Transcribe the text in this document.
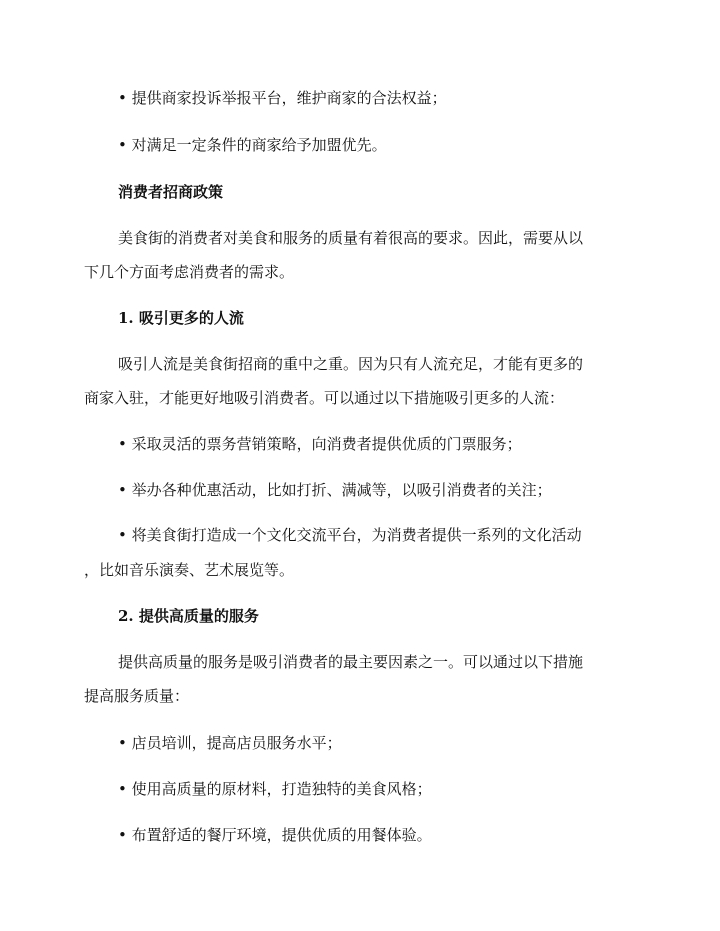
• 提供商家投诉举报平台，维护商家的合法权益；
• 对满足一定条件的商家给予加盟优先。
消费者招商政策
美食街的消费者对美食和服务的质量有着很高的要求。因此，需要从以
下几个方面考虑消费者的需求。
1. 吸引更多的人流
吸引人流是美食街招商的重中之重。因为只有人流充足，才能有更多的
商家入驻，才能更好地吸引消费者。可以通过以下措施吸引更多的人流：
• 采取灵活的票务营销策略，向消费者提供优质的门票服务；
• 举办各种优惠活动，比如打折、满减等，以吸引消费者的关注；
• 将美食街打造成一个文化交流平台，为消费者提供一系列的文化活动
，比如音乐演奏、艺术展览等。
2. 提供高质量的服务
提供高质量的服务是吸引消费者的最主要因素之一。可以通过以下措施
提高服务质量：
• 店员培训，提高店员服务水平；
• 使用高质量的原材料，打造独特的美食风格；
• 布置舒适的餐厅环境，提供优质的用餐体验。
